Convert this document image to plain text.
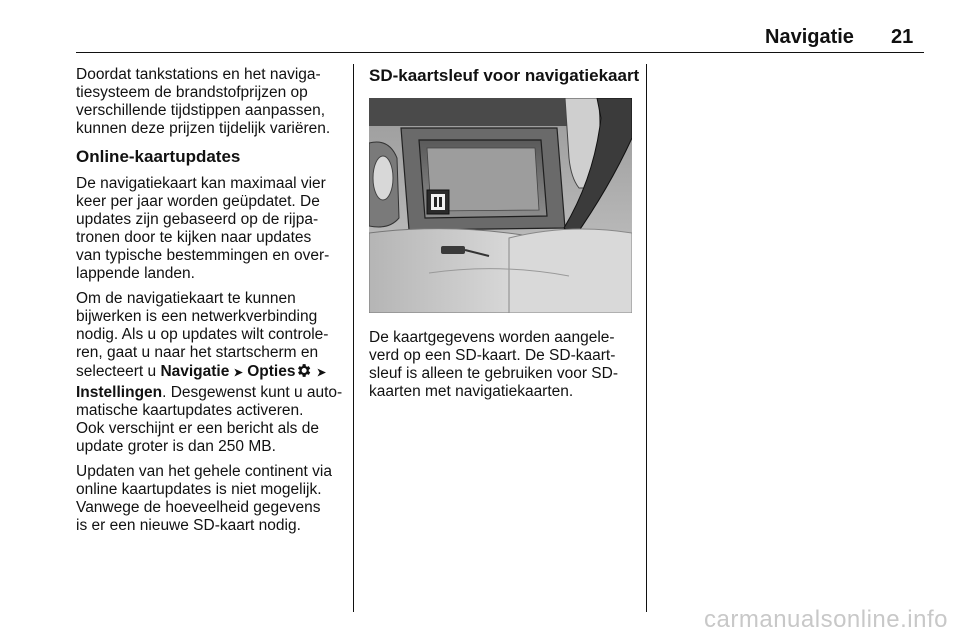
Navigatie 21

Doordat tankstations en het naviga-
tiesysteem de brandstofprijzen op
verschillende tijdstippen aanpassen,
kunnen deze prijzen tijdelijk variëren.

Online-kaartupdates

De navigatiekaart kan maximaal vier
keer per jaar worden geüpdatet. De
updates zijn gebaseerd op de rijpa-
tronen door te kijken naar updates
van typische bestemmingen en over-
lappende landen.

Om de navigatiekaart te kunnen
bijwerken is een netwerkverbinding
nodig. Als u op updates wilt controle-
ren, gaat u naar het startscherm en
selecteert u Navigatie ➤ Opties ➤
Instellingen. Desgewenst kunt u auto-
matische kaartupdates activeren.
Ook verschijnt er een bericht als de
update groter is dan 250 MB.

Updaten van het gehele continent via
online kaartupdates is niet mogelijk.
Vanwege de hoeveelheid gegevens
is er een nieuwe SD-kaart nodig.

SD-kaartsleuf voor navigatiekaart

De kaartgegevens worden aangele-
verd op een SD-kaart. De SD-kaart-
sleuf is alleen te gebruiken voor SD-
kaarten met navigatiekaarten.

carmanualsonline.info
